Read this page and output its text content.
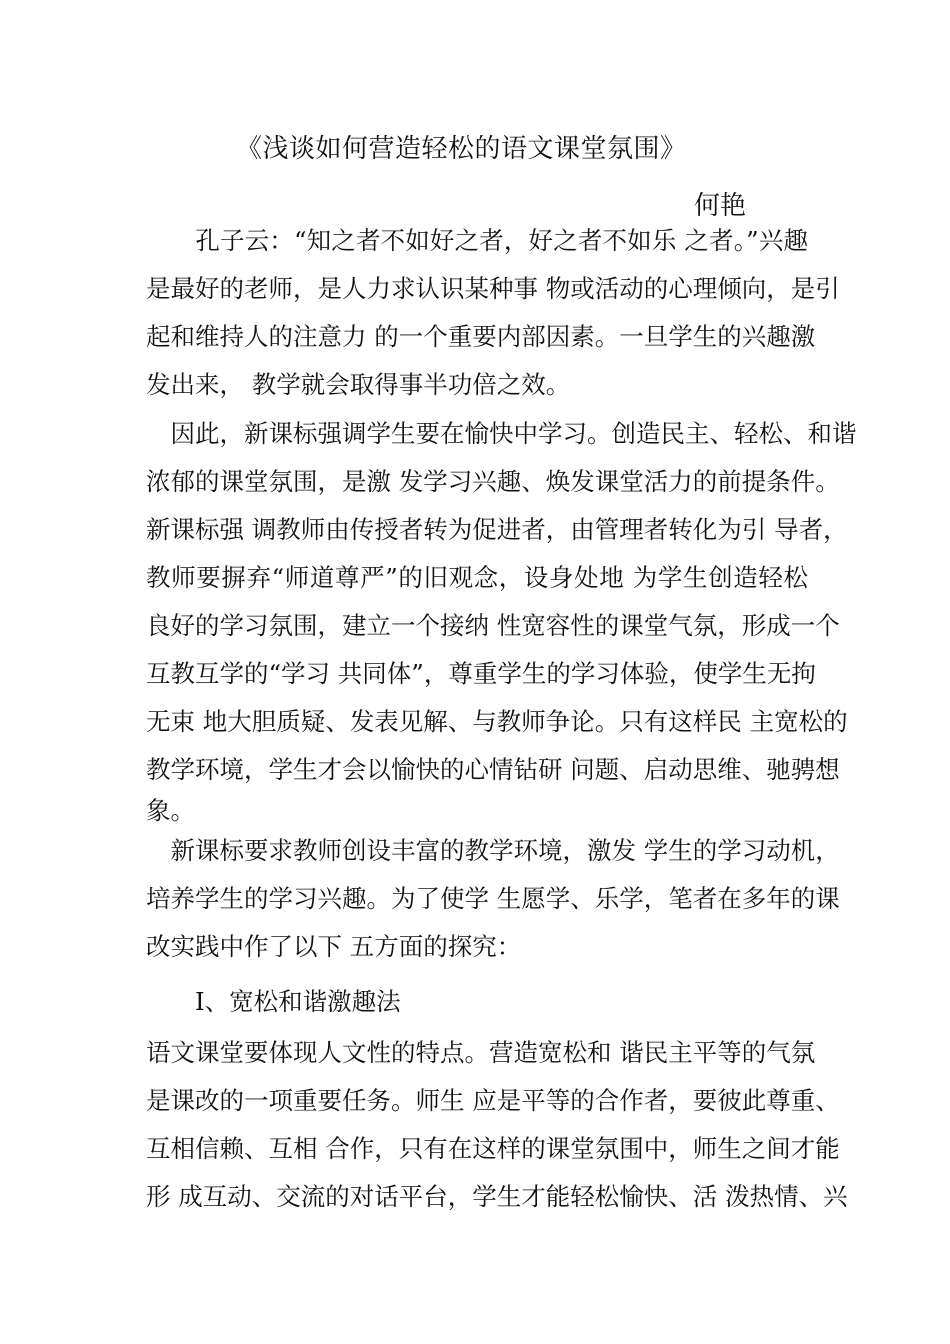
《浅谈如何营造轻松的语文课堂氛围》
何艳
　　孔子云：“知之者不如好之者，好之者不如乐 之者。”兴趣
是最好的老师，是人力求认识某种事 物或活动的心理倾向，是引
起和维持人的注意力 的一个重要内部因素。一旦学生的兴趣激
发出来， 教学就会取得事半功倍之效。
　因此，新课标强调学生要在愉快中学习。创造民主、轻松、和谐
浓郁的课堂氛围，是激 发学习兴趣、焕发课堂活力的前提条件。
新课标强 调教师由传授者转为促进者，由管理者转化为引 导者，
教师要摒弃“师道尊严”的旧观念，设身处地 为学生创造轻松
良好的学习氛围，建立一个接纳 性宽容性的课堂气氛，形成一个
互教互学的“学习 共同体”，尊重学生的学习体验，使学生无拘
无束 地大胆质疑、发表见解、与教师争论。只有这样民 主宽松的
教学环境，学生才会以愉快的心情钻研 问题、启动思维、驰骋想
象。
　新课标要求教师创设丰富的教学环境，激发 学生的学习动机，
培养学生的学习兴趣。为了使学 生愿学、乐学，笔者在多年的课
改实践中作了以下 五方面的探究：
　　I、宽松和谐激趣法
语文课堂要体现人文性的特点。营造宽松和 谐民主平等的气氛
是课改的一项重要任务。师生 应是平等的合作者，要彼此尊重、
互相信赖、互相 合作，只有在这样的课堂氛围中，师生之间才能
形 成互动、交流的对话平台，学生才能轻松愉快、活 泼热情、兴
